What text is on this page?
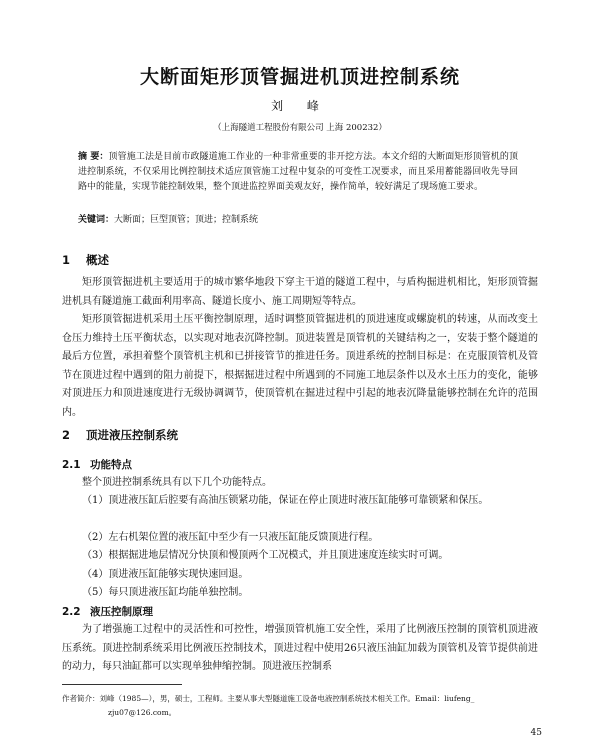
大断面矩形顶管掘进机顶进控制系统
刘 峰
（上海隧道工程股份有限公司 上海 200232）
摘 要：顶管施工法是目前市政隧道施工作业的一种非常重要的非开挖方法。本文介绍的大断面矩形顶管机的顶进控制系统，不仅采用比例控制技术适应顶管施工过程中复杂的可变性工况要求，而且采用蓄能器回收先导回路中的能量，实现节能控制效果，整个顶进监控界面美观友好，操作简单，较好满足了现场施工要求。
关键词：大断面；巨型顶管；顶进；控制系统
1 概述
矩形顶管掘进机主要适用于的城市繁华地段下穿主干道的隧道工程中，与盾构掘进机相比，矩形顶管掘进机具有隧道施工截面利用率高、隧道长度小、施工周期短等特点。
矩形顶管掘进机采用土压平衡控制原理，适时调整顶管掘进机的顶进速度或螺旋机的转速，从而改变土仓压力维持土压平衡状态，以实现对地表沉降控制。顶进装置是顶管机的关键结构之一，安装于整个隧道的最后方位置，承担着整个顶管机主机和已拼接管节的推进任务。顶进系统的控制目标是：在克服顶管机及管节在顶进过程中遇到的阻力前提下，根据掘进过程中所遇到的不同施工地层条件以及水土压力的变化，能够对顶进压力和顶进速度进行无级协调调节，使顶管机在掘进过程中引起的地表沉降量能够控制在允许的范围内。
2 顶进液压控制系统
2.1 功能特点
整个顶进控制系统具有以下几个功能特点。
（1）顶进液压缸后腔要有高油压锁紧功能，保证在停止顶进时液压缸能够可靠锁紧和保压。
（2）左右机架位置的液压缸中至少有一只液压缸能反馈顶进行程。
（3）根据掘进地层情况分快顶和慢顶两个工况模式，并且顶进速度连续实时可调。
（4）顶进液压缸能够实现快速回退。
（5）每只顶进液压缸均能单独控制。
2.2 液压控制原理
为了增强施工过程中的灵活性和可控性，增强顶管机施工安全性，采用了比例液压控制的顶管机顶进液压系统。顶进控制系统采用比例液压控制技术，顶进过程中使用26只液压油缸加载为顶管机及管节提供前进的动力，每只油缸都可以实现单独伸缩控制。顶进液压控制系
作者简介：刘峰（1985—），男，硕士，工程师。主要从事大型隧道施工设备电液控制系统技术相关工作。Email：liufeng_
zju07@126.com。
45
